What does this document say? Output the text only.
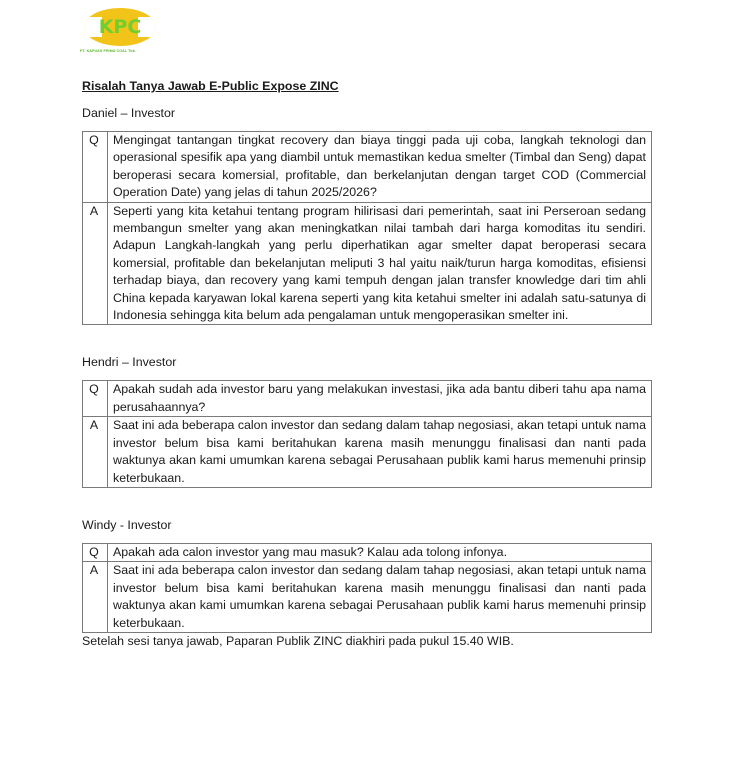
KPC
PT. KAPUAS PRIMA COAL Tbk.
Risalah Tanya Jawab E-Public Expose ZINC
Daniel – Investor
Q	Mengingat tantangan tingkat recovery dan biaya tinggi pada uji coba, langkah teknologi dan operasional spesifik apa yang diambil untuk memastikan kedua smelter (Timbal dan Seng) dapat beroperasi secara komersial, profitable, dan berkelanjutan dengan target COD (Commercial Operation Date) yang jelas di tahun 2025/2026?
A	Seperti yang kita ketahui tentang program hilirisasi dari pemerintah, saat ini Perseroan sedang membangun smelter yang akan meningkatkan nilai tambah dari harga komoditas itu sendiri. Adapun Langkah-langkah yang perlu diperhatikan agar smelter dapat beroperasi secara komersial, profitable dan bekelanjutan meliputi 3 hal yaitu naik/turun harga komoditas, efisiensi terhadap biaya, dan recovery yang kami tempuh dengan jalan transfer knowledge dari tim ahli China kepada karyawan lokal karena seperti yang kita ketahui smelter ini adalah satu-satunya di Indonesia sehingga kita belum ada pengalaman untuk mengoperasikan smelter ini.
Hendri – Investor
Q	Apakah sudah ada investor baru yang melakukan investasi, jika ada bantu diberi tahu apa nama perusahaannya?
A	Saat ini ada beberapa calon investor dan sedang dalam tahap negosiasi, akan tetapi untuk nama investor belum bisa kami beritahukan karena masih menunggu finalisasi dan nanti pada waktunya akan kami umumkan karena sebagai Perusahaan publik kami harus memenuhi prinsip keterbukaan.
Windy - Investor
Q	Apakah ada calon investor yang mau masuk? Kalau ada tolong infonya.
A	Saat ini ada beberapa calon investor dan sedang dalam tahap negosiasi, akan tetapi untuk nama investor belum bisa kami beritahukan karena masih menunggu finalisasi dan nanti pada waktunya akan kami umumkan karena sebagai Perusahaan publik kami harus memenuhi prinsip keterbukaan.
Setelah sesi tanya jawab, Paparan Publik ZINC diakhiri pada pukul 15.40 WIB.
